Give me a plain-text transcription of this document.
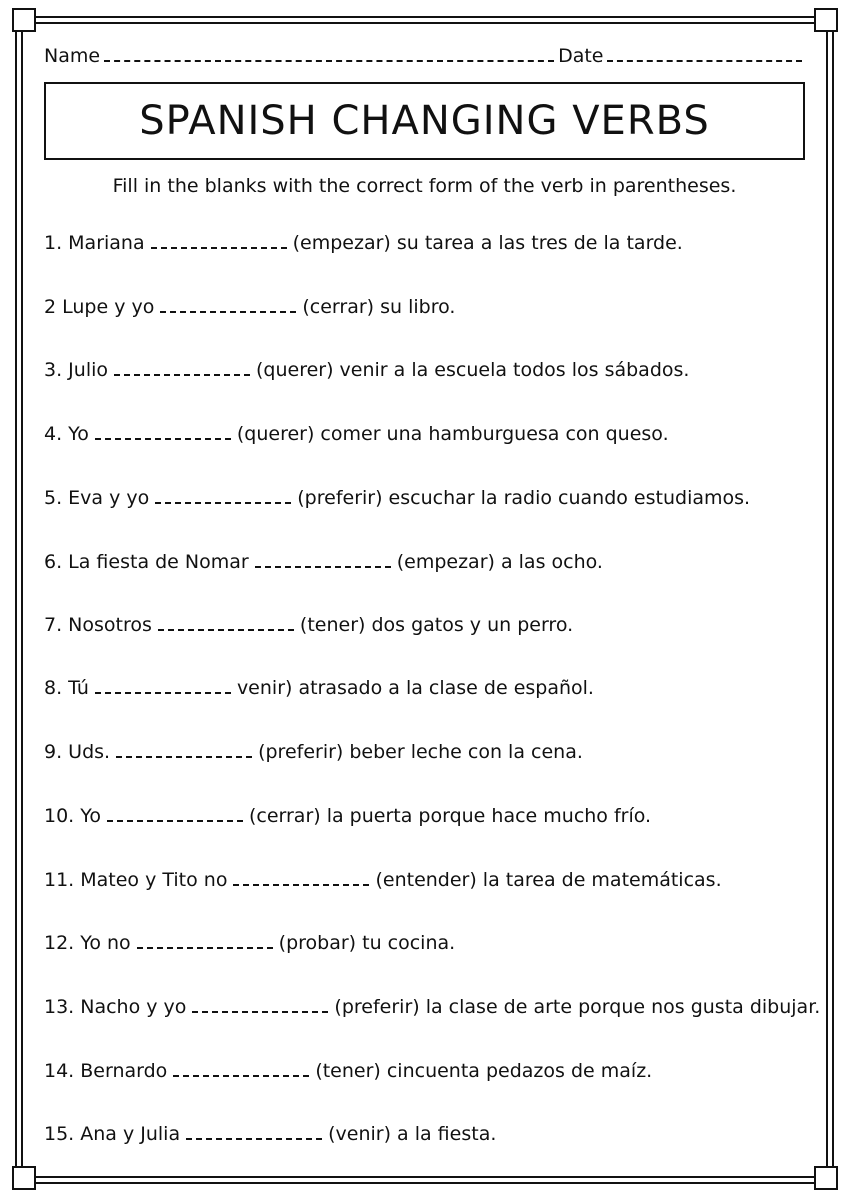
Name	Date
SPANISH CHANGING VERBS
Fill in the blanks with the correct form of the verb in parentheses.
1. Mariana	(empezar) su tarea a las tres de la tarde.
2 Lupe y yo	(cerrar) su libro.
3. Julio	(querer) venir a la escuela todos los sábados.
4. Yo	(querer) comer una hamburguesa con queso.
5. Eva y yo	(preferir) escuchar la radio cuando estudiamos.
6. La fiesta de Nomar	(empezar) a las ocho.
7. Nosotros	(tener) dos gatos y un perro.
8. Tú	venir) atrasado a la clase de español.
9. Uds.	(preferir) beber leche con la cena.
10. Yo	(cerrar) la puerta porque hace mucho frío.
11. Mateo y Tito no	(entender) la tarea de matemáticas.
12. Yo no	(probar) tu cocina.
13. Nacho y yo	(preferir) la clase de arte porque nos gusta dibujar.
14. Bernardo	(tener) cincuenta pedazos de maíz.
15. Ana y Julia	(venir) a la fiesta.
